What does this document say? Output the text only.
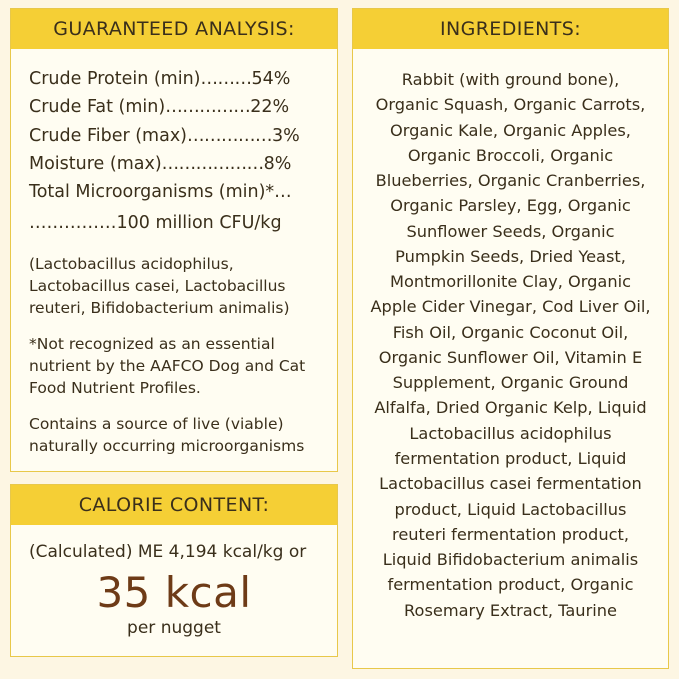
GUARANTEED ANALYSIS:
Crude Protein (min)………54%
Crude Fat (min)……………22%
Crude Fiber (max)……………3%
Moisture (max)………………8%
Total Microorganisms (min)*…
……………100 million CFU/kg

(Lactobacillus acidophilus, Lactobacillus casei, Lactobacillus reuteri, Bifidobacterium animalis)

*Not recognized as an essential nutrient by the AAFCO Dog and Cat Food Nutrient Profiles.

Contains a source of live (viable) naturally occurring microorganisms

CALORIE CONTENT:
(Calculated) ME 4,194 kcal/kg or
35 kcal
per nugget
INGREDIENTS:
Rabbit (with ground bone), Organic Squash, Organic Carrots, Organic Kale, Organic Apples, Organic Broccoli, Organic Blueberries, Organic Cranberries, Organic Parsley, Egg, Organic Sunflower Seeds, Organic Pumpkin Seeds, Dried Yeast, Montmorillonite Clay, Organic Apple Cider Vinegar, Cod Liver Oil, Fish Oil, Organic Coconut Oil, Organic Sunflower Oil, Vitamin E Supplement, Organic Ground Alfalfa, Dried Organic Kelp, Liquid Lactobacillus acidophilus fermentation product, Liquid Lactobacillus casei fermentation product, Liquid Lactobacillus reuteri fermentation product, Liquid Bifidobacterium animalis fermentation product, Organic Rosemary Extract, Taurine
